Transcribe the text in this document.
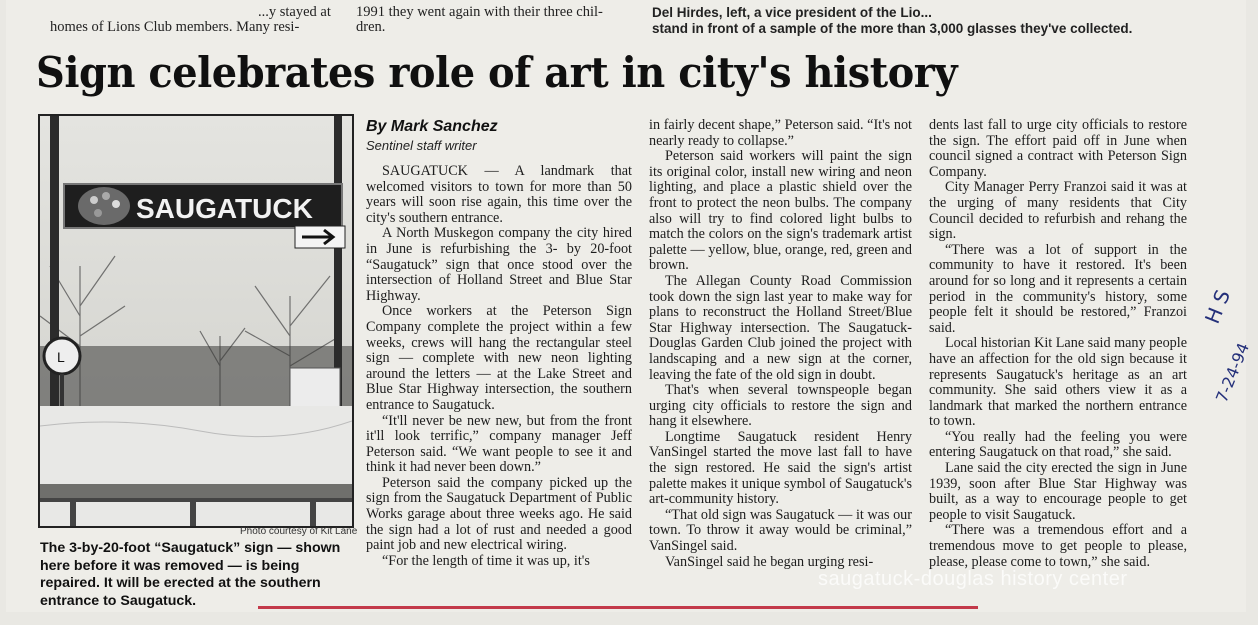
...y stayed at
homes of Lions Club members. Many resi-
1991 they went again with their three chil-
dren.
Del Hirdes, left, a vice president of the Lio...
stand in front of a sample of the more than 3,000 glasses they've collected.
Sign celebrates role of art in city's history
SAUGATUCK
L
Photo courtesy of Kit Lane
The 3-by-20-foot “Saugatuck” sign — shown here before it was removed — is being repaired. It will be erected at the southern entrance to Saugatuck.
By Mark Sanchez
Sentinel staff writer

SAUGATUCK — A landmark that welcomed visitors to town for more than 50 years will soon rise again, this time over the city's southern entrance.

A North Muskegon company the city hired in June is refurbishing the 3- by 20-foot “Saugatuck” sign that once stood over the intersection of Holland Street and Blue Star Highway.

Once workers at the Peterson Sign Company complete the project within a few weeks, crews will hang the rectangular steel sign — complete with new neon lighting around the letters — at the Lake Street and Blue Star Highway intersection, the southern entrance to Saugatuck.

“It'll never be new new, but from the front it'll look terrific,” company manager Jeff Peterson said. “We want people to see it and think it had never been down.”

Peterson said the company picked up the sign from the Saugatuck Department of Public Works garage about three weeks ago. He said the sign had a lot of rust and needed a good paint job and new electrical wiring.

“For the length of time it was up, it's

in fairly decent shape,” Peterson said. “It's not nearly ready to collapse.”

Peterson said workers will paint the sign its original color, install new wiring and neon lighting, and place a plastic shield over the front to protect the neon bulbs. The company also will try to find colored light bulbs to match the colors on the sign's trademark artist palette — yellow, blue, orange, red, green and brown.

The Allegan County Road Commission took down the sign last year to make way for plans to reconstruct the Holland Street/Blue Star Highway intersection. The Saugatuck-Douglas Garden Club joined the project with landscaping and a new sign at the corner, leaving the fate of the old sign in doubt.

That's when several townspeople began urging city officials to restore the sign and hang it elsewhere.

Longtime Saugatuck resident Henry VanSingel started the move last fall to have the sign restored. He said the sign's artist palette makes it unique symbol of Saugatuck's art-community history.

“That old sign was Saugatuck — it was our town. To throw it away would be criminal,” VanSingel said.

VanSingel said he began urging resi-

dents last fall to urge city officials to restore the sign. The effort paid off in June when council signed a contract with Peterson Sign Company.

City Manager Perry Franzoi said it was at the urging of many residents that City Council decided to refurbish and rehang the sign.

“There was a lot of support in the community to have it restored. It's been around for so long and it represents a certain period in the community's history, some people felt it should be restored,” Franzoi said.

Local historian Kit Lane said many people have an affection for the old sign because it represents Saugatuck's heritage as an art community. She said others view it as a landmark that marked the northern entrance to town.

“You really had the feeling you were entering Saugatuck on that road,” she said.

Lane said the city erected the sign in June 1939, soon after Blue Star Highway was built, as a way to encourage people to get people to visit Saugatuck.

“There was a tremendous effort and a tremendous move to get people to please, please, please come to town,” she said.

H S
7-24-94
saugatuck-douglas history center
